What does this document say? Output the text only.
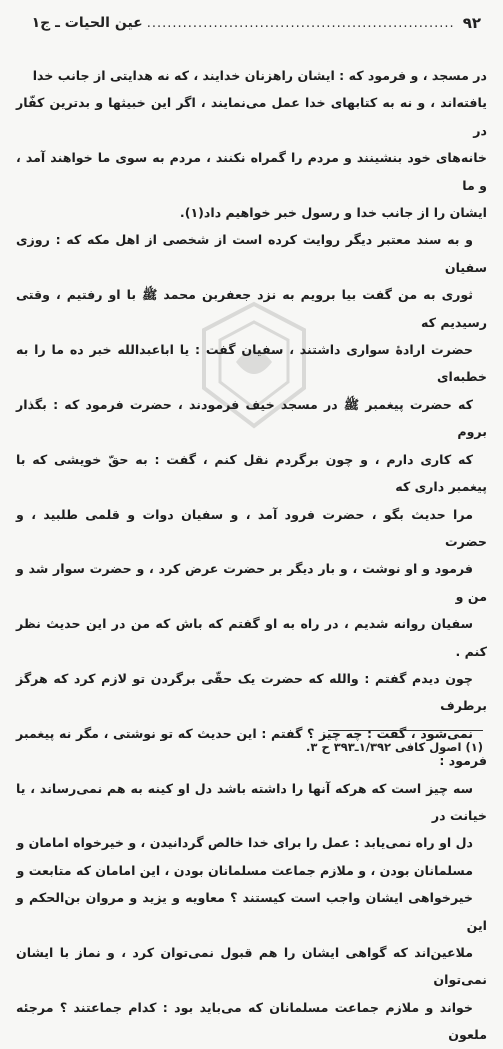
۹۲
............................................................
عین الحیات ـ ج۱

در مسجد ، و فرمود که : ایشان راهزنان خدایند ، که نه هدایتی از جانب خدا

یافته‌اند ، و نه به کتابهای خدا عمل می‌نمایند ، اگر این خبیثها و بدترین کفّار در

خانه‌های خود بنشینند و مردم را گمراه نکنند ، مردم به سوی ما خواهند آمد ، و ما

ایشان را از جانب خدا و رسول خبر خواهیم داد(۱).

و به سند معتبر دیگر روایت کرده است از شخصی از اهل مکه که : روزی سفیان

ثوری به من گفت بیا برویم به نزد جعفربن محمد ﷺ با او رفتیم ، وقتی رسیدیم که

حضرت ارادهٔ سواری داشتند ، سفیان گفت : یا اباعبدالله خبر ده ما را به خطبه‌ای

که حضرت پیغمبر ﷺ در مسجد خیف فرمودند ، حضرت فرمود که : بگذار بروم

که کاری دارم ، و چون برگردم نقل کنم ، گفت : به حقّ خویشی که با پیغمبر داری که

مرا حدیث بگو ، حضرت فرود آمد ، و سفیان دوات و قلمی طلبید ، و حضرت

فرمود و او نوشت ، و بار دیگر بر حضرت عرض کرد ، و حضرت سوار شد و من و

سفیان روانه شدیم ، در راه به او گفتم که باش که من در این حدیث نظر کنم .

چون دیدم گفتم : والله که حضرت یک حقّی برگردن تو لازم کرد که هرگز برطرف

نمی‌شود ، گفت : چه چیز ؟ گفتم : این حدیث که تو نوشتی ، مگر نه پیغمبر فرمود :

سه چیز است که هرکه آنها را داشته باشد دل او کینه به هم نمی‌رساند ، یا خیانت در

دل او راه نمی‌یابد : عمل را برای خدا خالص گردانیدن ، و خیرخواه امامان و

مسلمانان بودن ، و ملازم جماعت مسلمانان بودن ، این امامان که متابعت و

خیرخواهی ایشان واجب است کیستند ؟ معاویه و یزید و مروان بن‌الحکم و این

ملاعین‌اند که گواهی ایشان را هم قبول نمی‌توان کرد ، و نماز با ایشان نمی‌توان

خواند و ملازم جماعت مسلمانان که می‌باید بود : کدام جماعتند ؟ مرجئه ملعون

(۱) اصول کافی ۱/۳۹۲ـ۳۹۳ ح ۳.
